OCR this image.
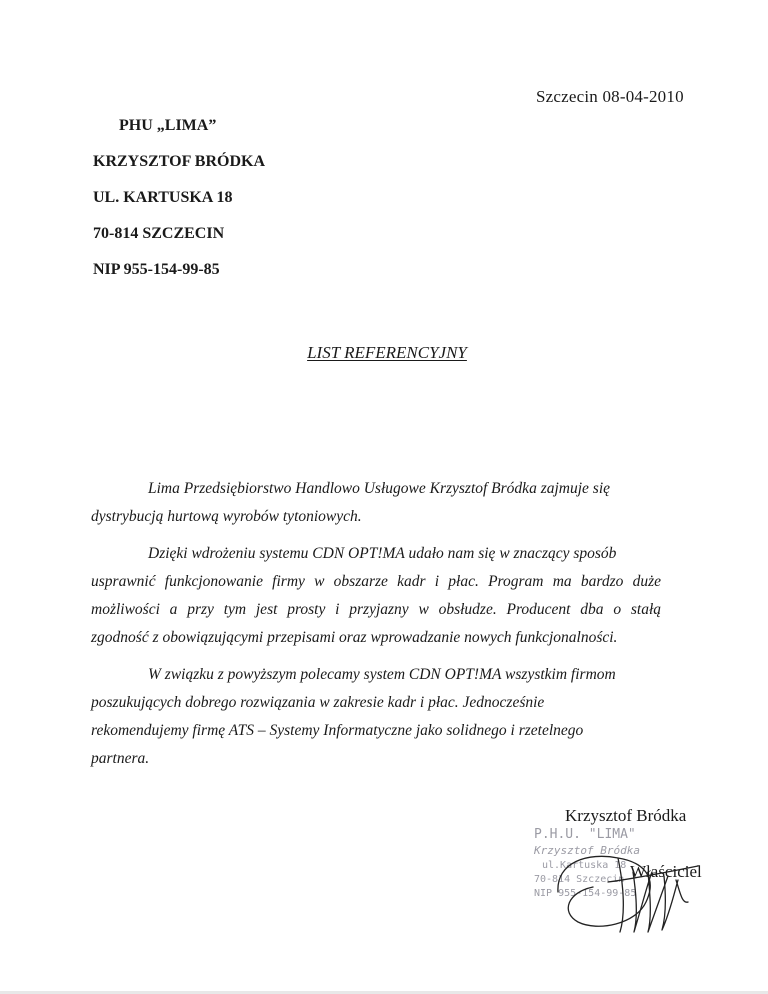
Szczecin 08-04-2010
PHU „LIMA”
KRZYSZTOF BRÓDKA
UL. KARTUSKA 18
70-814 SZCZECIN
NIP 955-154-99-85
LIST REFERENCYJNY
Lima Przedsiębiorstwo Handlowo Usługowe Krzysztof Bródka zajmuje się
dystrybucją hurtową wyrobów tytoniowych.
Dzięki wdrożeniu systemu CDN OPT!MA udało nam się w znaczący sposób
usprawnić funkcjonowanie firmy w obszarze kadr i płac. Program ma bardzo duże
możliwości a przy tym jest prosty i przyjazny w obsłudze. Producent dba o stałą
zgodność z obowiązującymi przepisami oraz wprowadzanie nowych funkcjonalności.
W związku z powyższym polecamy system CDN OPT!MA wszystkim firmom
poszukujących dobrego rozwiązania w zakresie kadr i płac. Jednocześnie
rekomendujemy firmę ATS – Systemy Informatyczne jako solidnego i rzetelnego
partnera.
Krzysztof Bródka
P.H.U. "LIMA"
Krzysztof Bródka
ul.Kartuska 18
70-814 Szczecin
NIP 955-154-99-85
Właściciel
